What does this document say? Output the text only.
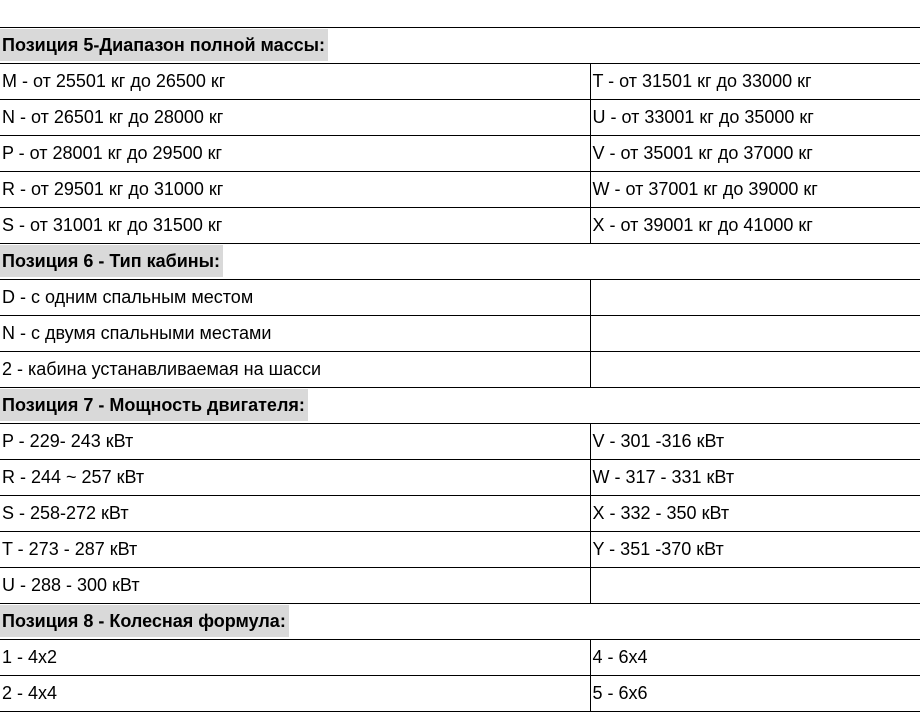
Позиция 5-Диапазон полной массы:	
M - от 25501 кг до 26500 кг	T - от 31501 кг до 33000 кг
N - от 26501 кг до 28000 кг	U - от 33001 кг до 35000 кг
P - от 28001 кг до 29500 кг	V - от 35001 кг до 37000 кг
R - от 29501 кг до 31000 кг	W - от 37001 кг до 39000 кг
S - от 31001 кг до 31500 кг	X - от 39001 кг до 41000 кг
Позиция 6 - Тип кабины:	
D - с одним спальным местом	
N - с двумя спальными местами	
2 - кабина устанавливаемая на шасси	
Позиция 7 - Мощность двигателя:	
P - 229- 243 кВт	V - 301 -316 кВт
R - 244 ~ 257 кВт	W - 317 - 331 кВт
S - 258-272 кВт	X - 332 - 350 кВт
T - 273 - 287 кВт	Y - 351 -370 кВт
U - 288 - 300 кВт	
Позиция 8 - Колесная формула:	
1 - 4x2	4 - 6x4
2 - 4x4	5 - 6x6
